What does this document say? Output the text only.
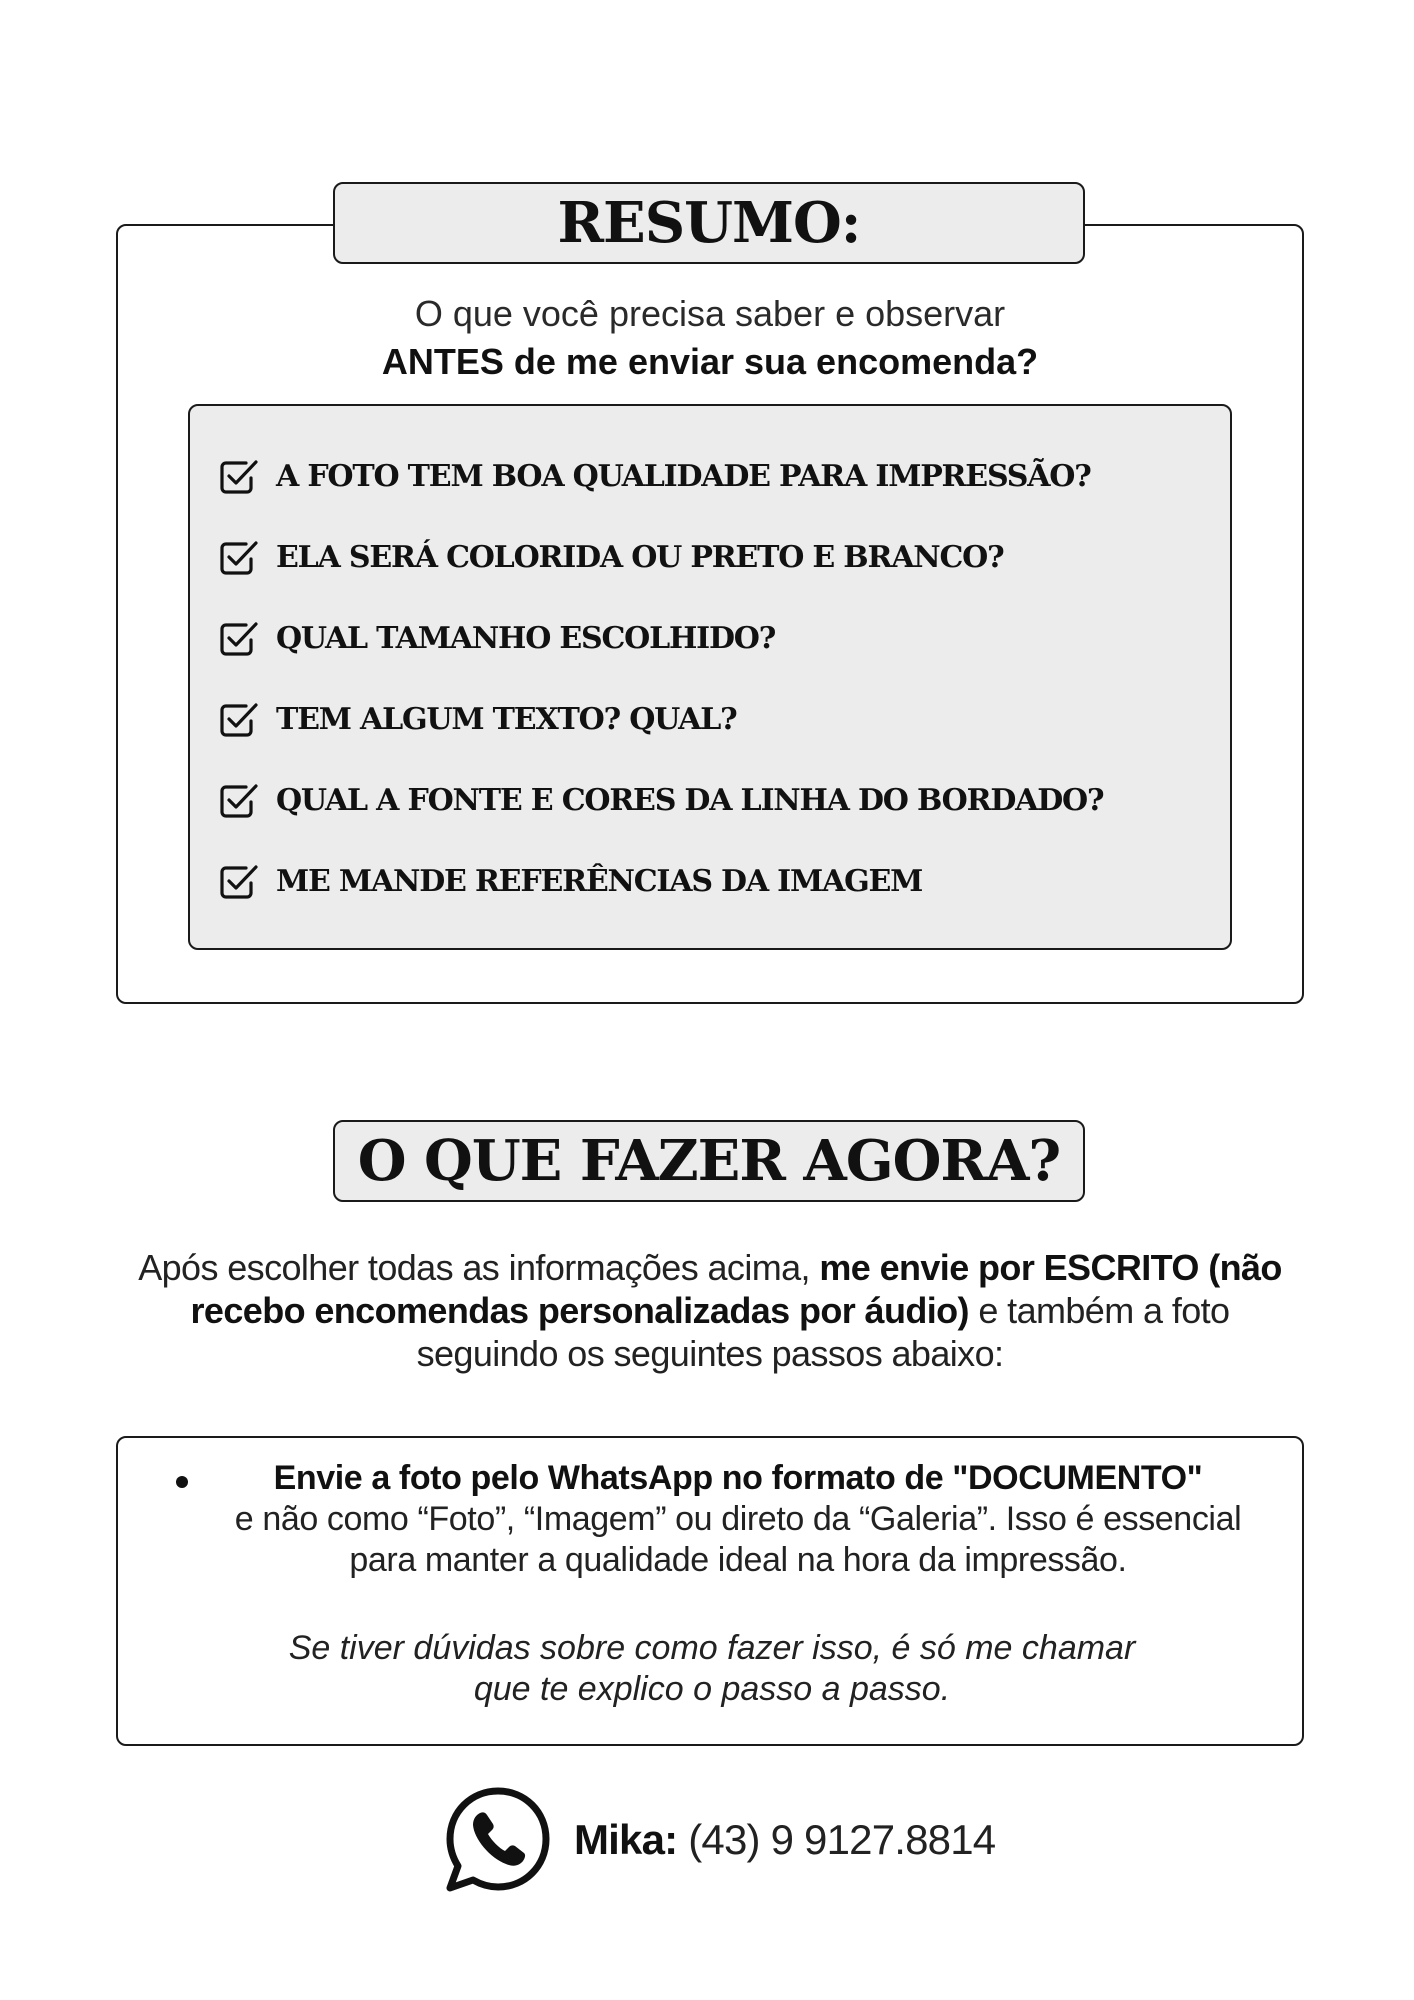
RESUMO:
O que você precisa saber e observar
ANTES de me enviar sua encomenda?
A FOTO TEM BOA QUALIDADE PARA IMPRESSÃO?
ELA SERÁ COLORIDA OU PRETO E BRANCO?
QUAL TAMANHO ESCOLHIDO?
TEM ALGUM TEXTO? QUAL?
QUAL A FONTE E CORES DA LINHA DO BORDADO?
ME MANDE REFERÊNCIAS DA IMAGEM
O QUE FAZER AGORA?
Após escolher todas as informações acima, me envie por ESCRITO (não recebo encomendas personalizadas por áudio) e também a foto seguindo os seguintes passos abaixo:
Envie a foto pelo WhatsApp no formato de "DOCUMENTO"
e não como “Foto”, “Imagem” ou direto da “Galeria”. Isso é essencial para manter a qualidade ideal na hora da impressão.
Se tiver dúvidas sobre como fazer isso, é só me chamar
que te explico o passo a passo.
Mika: (43) 9 9127.8814
